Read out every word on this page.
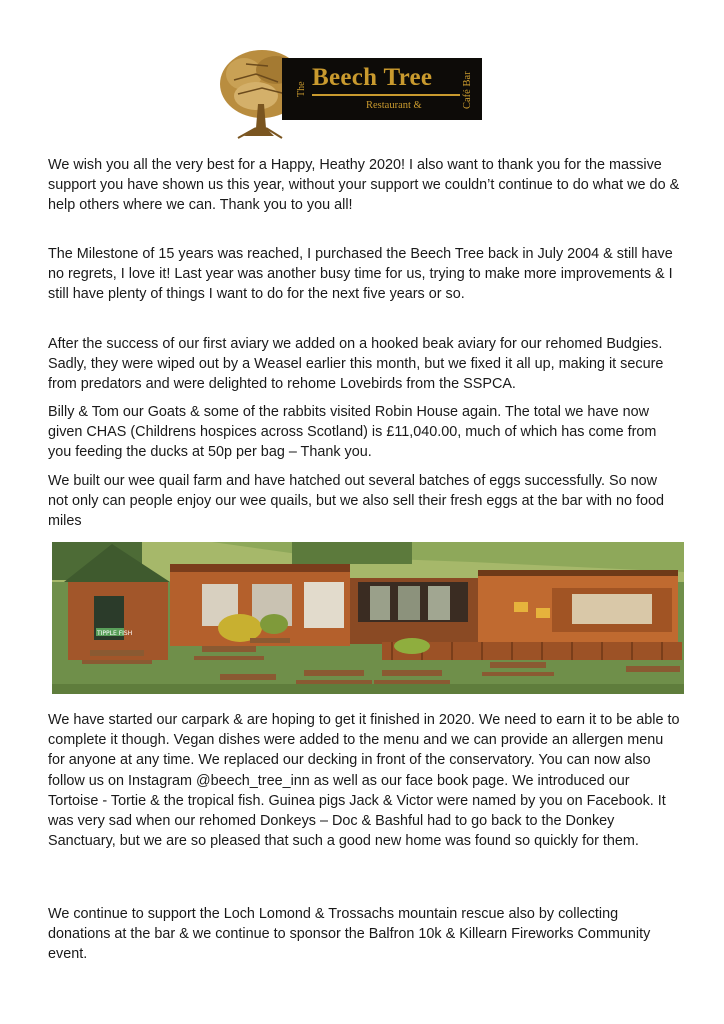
The Beech Tree
Restaurant &	Café Bar

We wish you all the very best for a Happy, Heathy 2020! I also want to thank you for the massive support you have shown us this year, without your support we couldn’t continue to do what we do & help others where we can. Thank you to you all!

The Milestone of 15 years was reached, I purchased the Beech Tree back in July 2004 & still have no regrets, I love it! Last year was another busy time for us, trying to make more improvements & I still have plenty of things I want to do for the next five years or so.

After the success of our first aviary we added on a hooked beak aviary for our rehomed Budgies. Sadly, they were wiped out by a Weasel earlier this month, but we fixed it all up, making it secure from predators and were delighted to rehome Lovebirds from the SSPCA.

Billy & Tom our Goats & some of the rabbits visited Robin House again. The total we have now given CHAS (Childrens hospices across Scotland) is £11,040.00, much of which has come from you feeding the ducks at 50p per bag – Thank you.

We built our wee quail farm and have hatched out several batches of eggs successfully. So now not only can people enjoy our wee quails, but we also sell their fresh eggs at the bar with no food miles

TIPPLE FISH

We have started our carpark & are hoping to get it finished in 2020. We need to earn it to be able to complete it though. Vegan dishes were added to the menu and we can provide an allergen menu for anyone at any time. We replaced our decking in front of the conservatory. You can now also follow us on Instagram @beech_tree_inn as well as our face book page. We introduced our Tortoise - Tortie & the tropical fish. Guinea pigs Jack & Victor were named by you on Facebook. It was very sad when our rehomed Donkeys – Doc & Bashful had to go back to the Donkey Sanctuary, but we are so pleased that such a good new home was found so quickly for them.

We continue to support the Loch Lomond & Trossachs mountain rescue also by collecting donations at the bar & we continue to sponsor the Balfron 10k & Killearn Fireworks Community event.
